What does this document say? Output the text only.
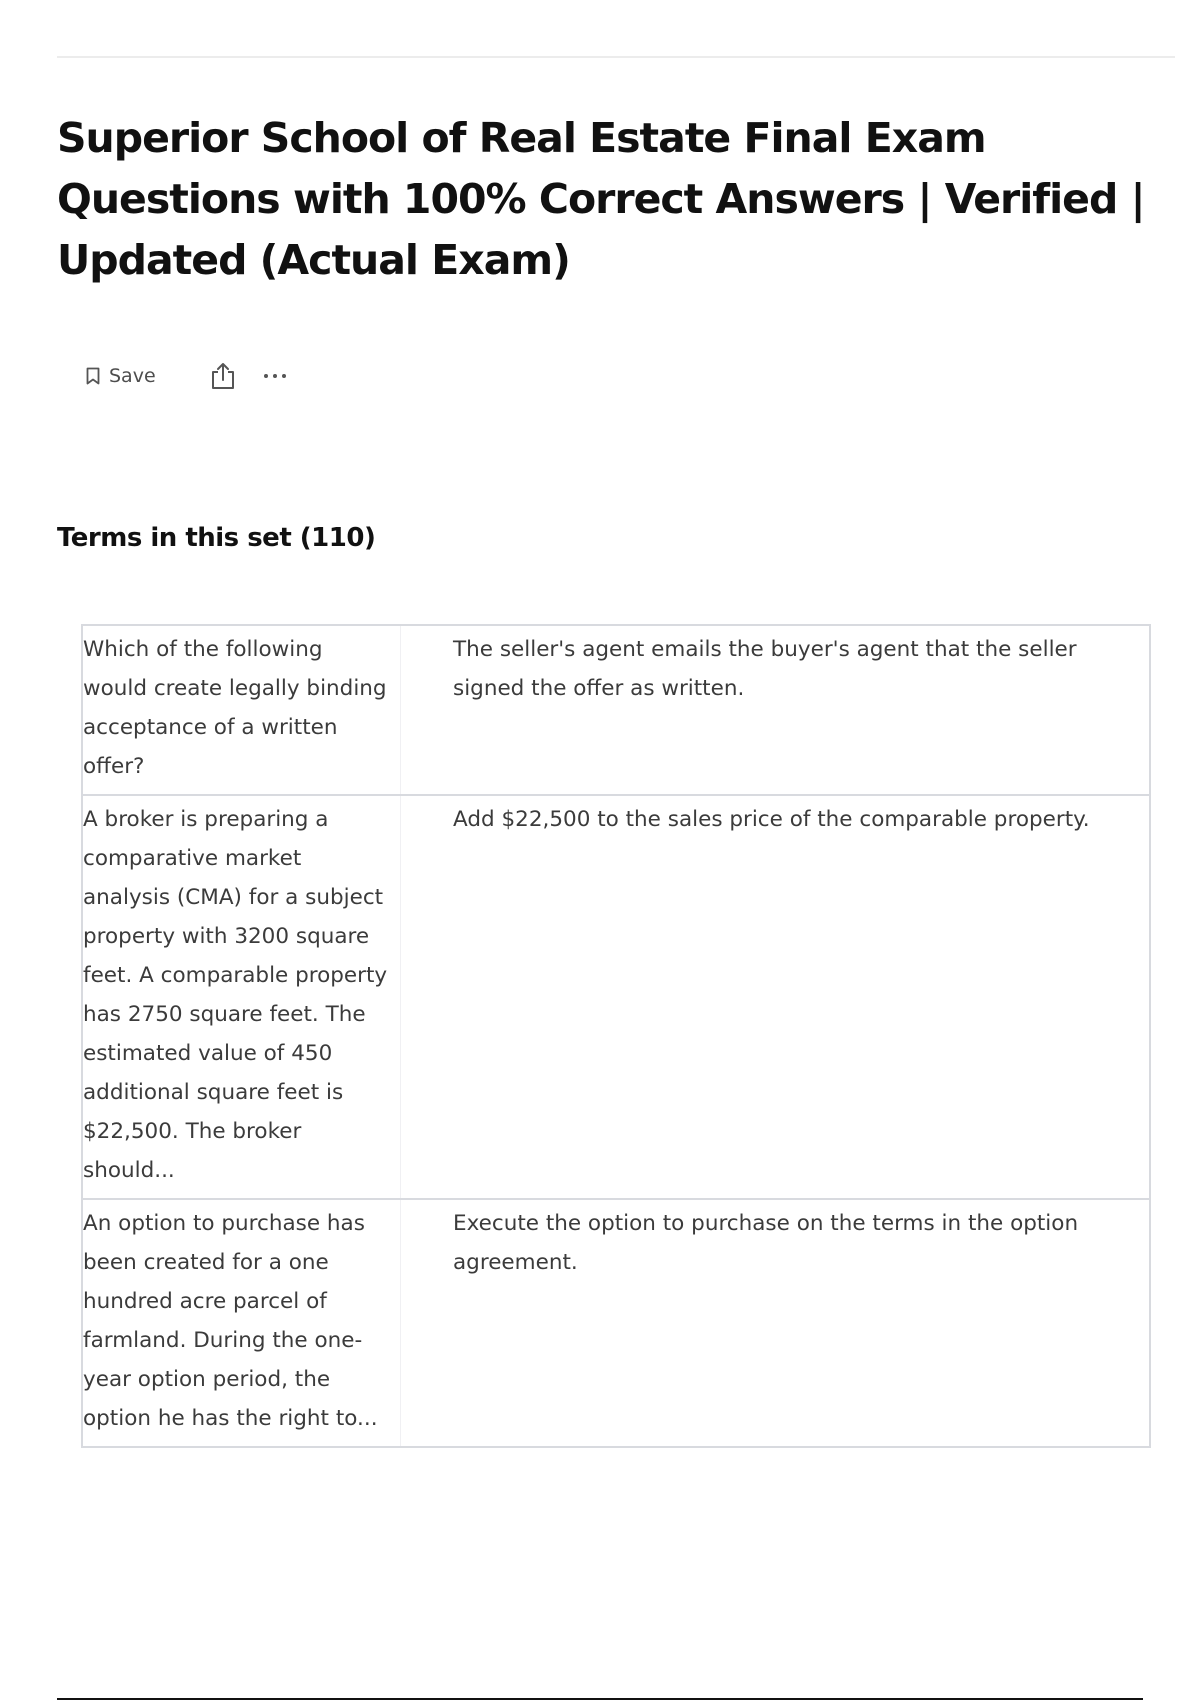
Superior School of Real Estate Final Exam Questions with 100% Correct Answers | Verified | Updated (Actual Exam)
Save
Terms in this set (110)
Which of the following would create legally binding acceptance of a written offer?
The seller's agent emails the buyer's agent that the seller signed the offer as written.
A broker is preparing a comparative market analysis (CMA) for a subject property with 3200 square feet. A comparable property has 2750 square feet. The estimated value of 450 additional square feet is $22,500. The broker should...
Add $22,500 to the sales price of the comparable property.
An option to purchase has been created for a one hundred acre parcel of farmland. During the one-year option period, the option he has the right to...
Execute the option to purchase on the terms in the option agreement.
